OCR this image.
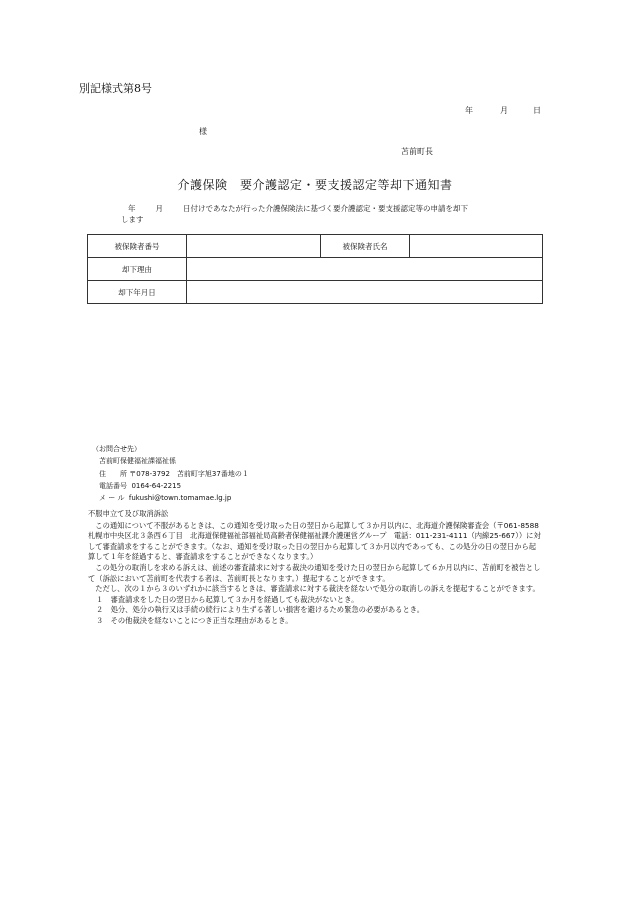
別記様式第8号
年	月	日
様
苫前町長
介護保険　要介護認定・要支援認定等却下通知書
年	月	日付けであなたが行った介護保険法に基づく要介護認定・要支援認定等の申請を却下
します
被保険者番号		被保険者氏名	
却下理由			
却下年月日			
（お問合せ先）
苫前町保健福祉課福祉係
住　　所 〒078-3792　苫前町字旭37番地の１
電話番号 0164-64-2215
メ ー ル fukushi@town.tomamae.lg.jp

不服申立て及び取消訴訟

　この通知について不服があるときは、この通知を受け取った日の翌日から起算して３か月以内に、北海道介護保険審査会（〒061-8588札幌市中央区北３条西６丁目　北海道保健福祉部福祉局高齢者保健福祉課介護運営グループ　電話：011-231-4111（内線25-667））に対して審査請求をすることができます。（なお、通知を受け取った日の翌日から起算して３か月以内であっても、この処分の日の翌日から起算して１年を経過すると、審査請求をすることができなくなります。）

　この処分の取消しを求める訴えは、前述の審査請求に対する裁決の通知を受けた日の翌日から起算して６か月以内に、苫前町を被告として（訴訟において苫前町を代表する者は、苫前町長となります。）提起することができます。

　ただし、次の１から３のいずれかに該当するときは、審査請求に対する裁決を経ないで処分の取消しの訴えを提起することができます。

１　審査請求をした日の翌日から起算して３か月を経過しても裁決がないとき。

２　処分、処分の執行又は手続の続行により生ずる著しい損害を避けるため緊急の必要があるとき。

３　その他裁決を経ないことにつき正当な理由があるとき。
